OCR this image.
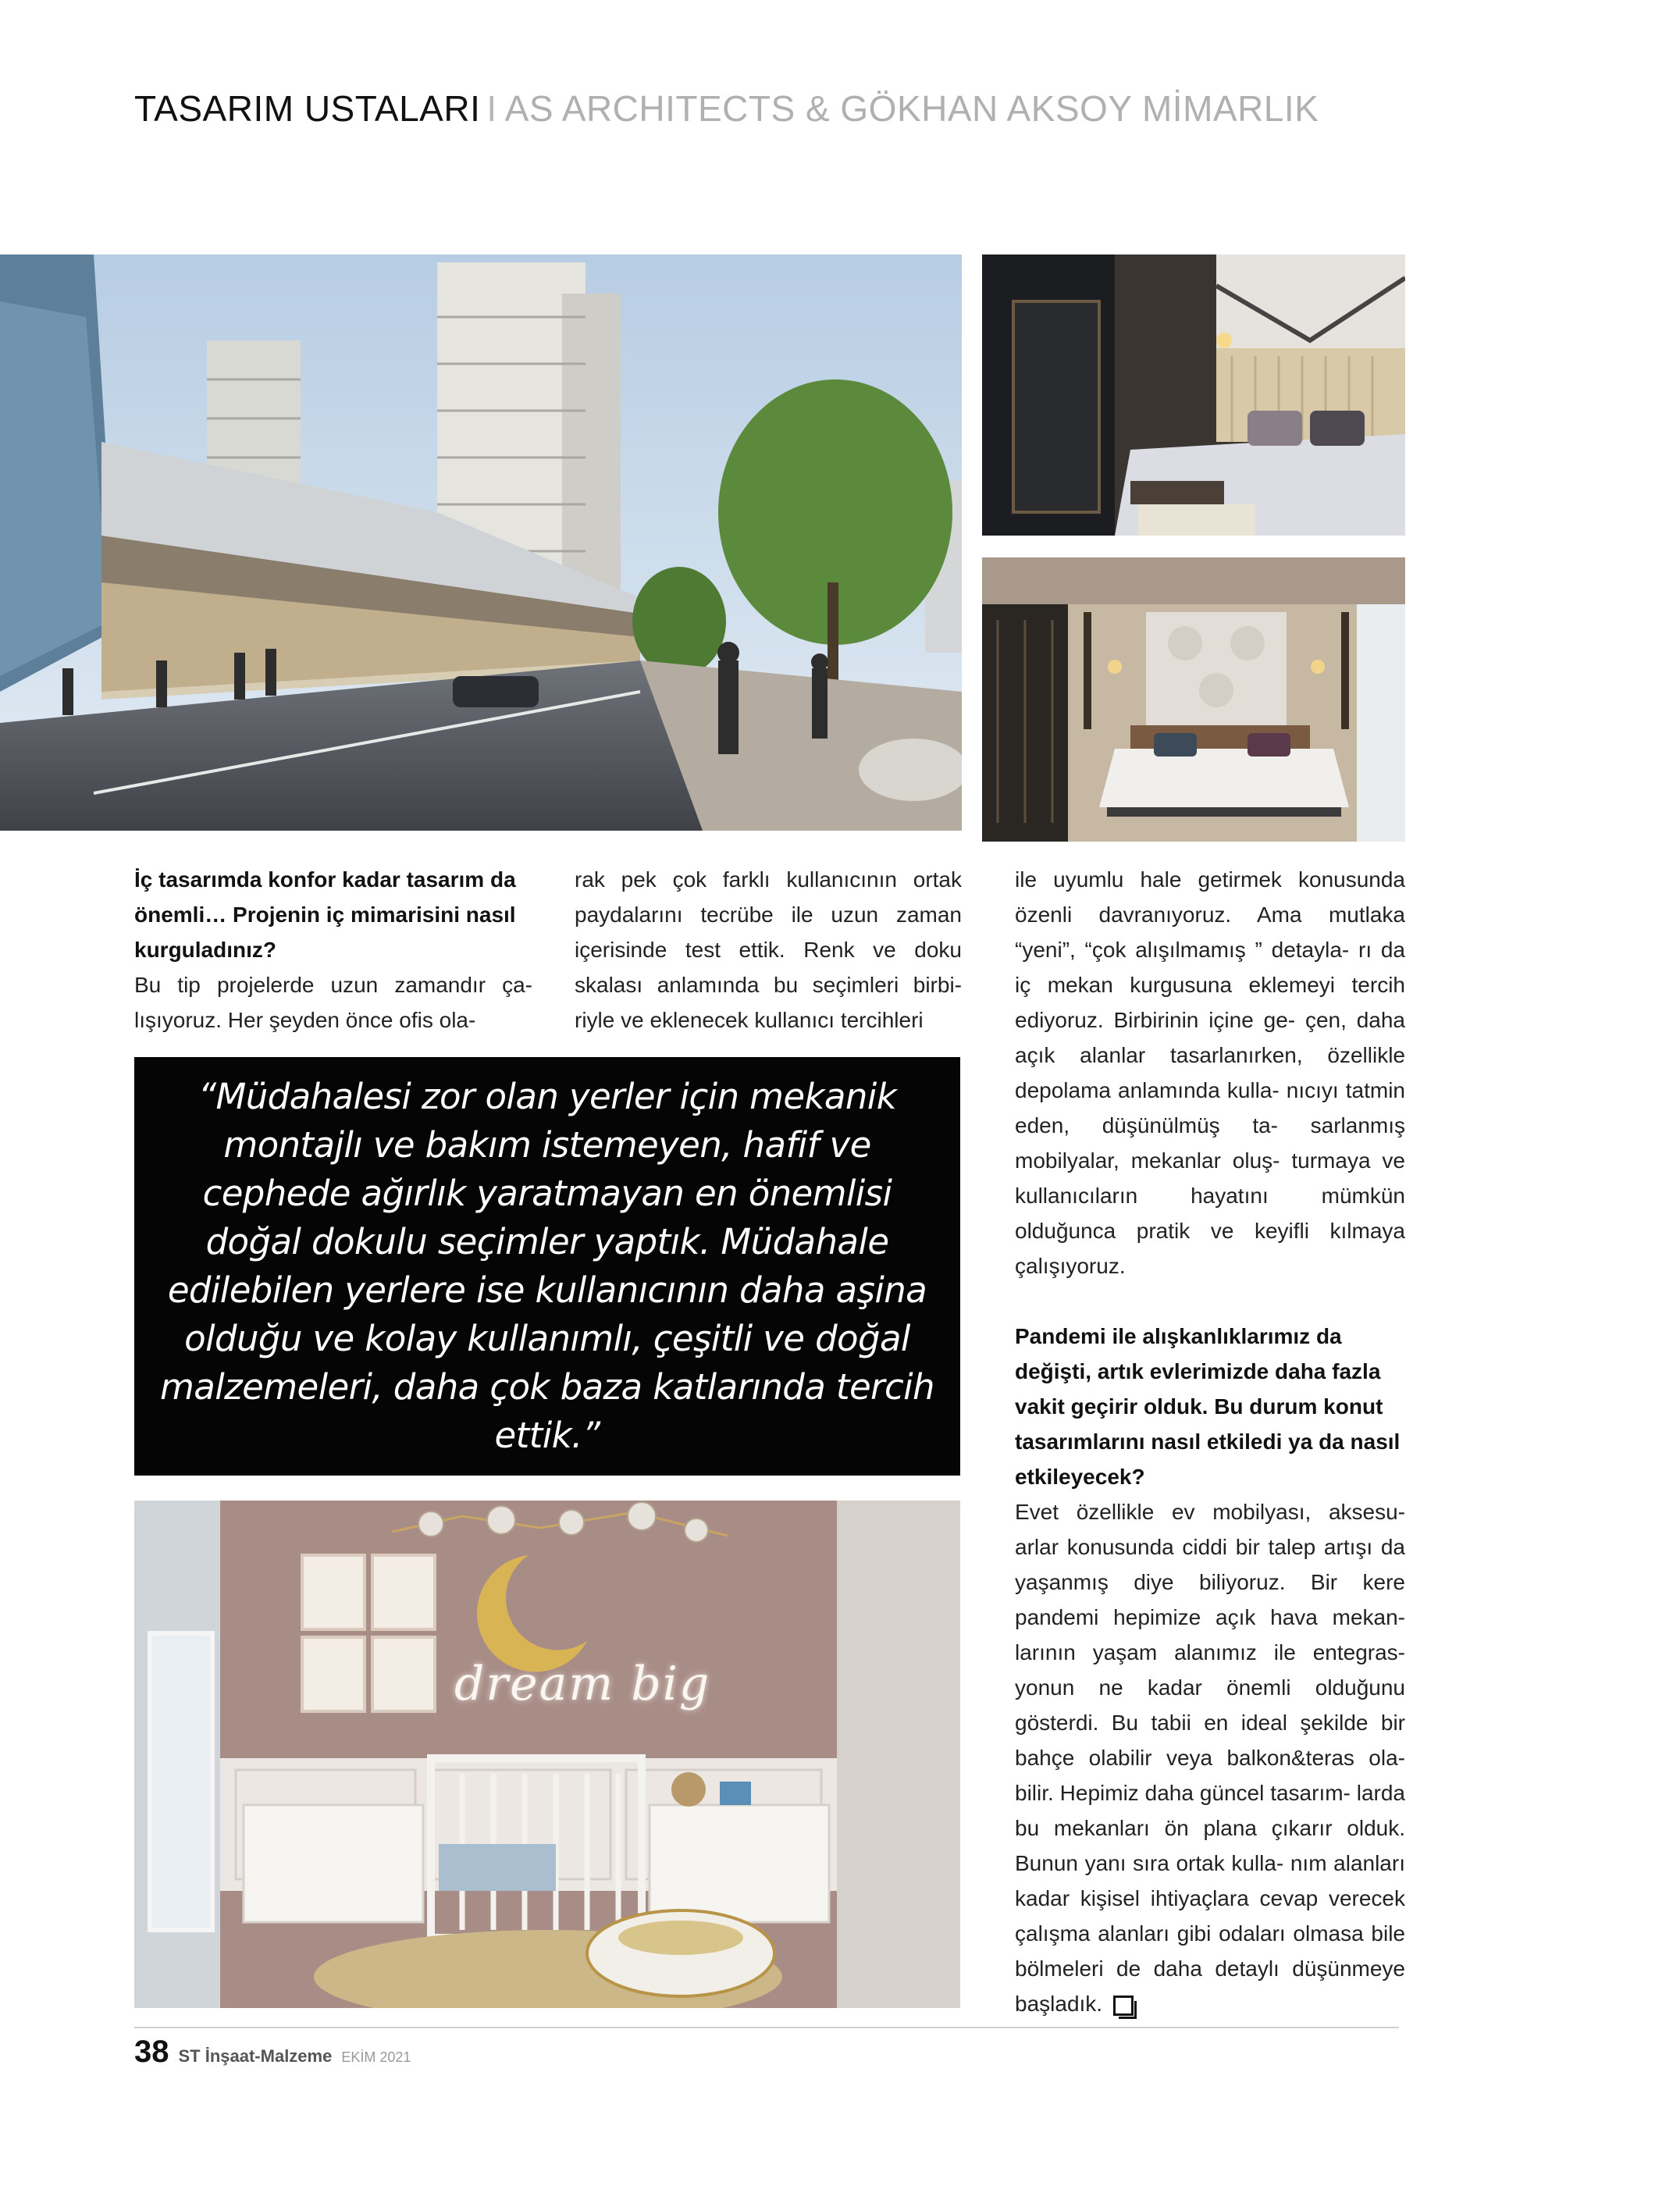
TASARIM USTALARI I AS ARCHITECTS & GÖKHAN AKSOY MİMARLIK

İç tasarımda konfor kadar tasarım da önemli… Projenin iç mimarisini nasıl kurguladınız?

Bu tip projelerde uzun zamandır ça- lışıyoruz. Her şeyden önce ofis ola-

rak pek çok farklı kullanıcının ortak paydalarını tecrübe ile uzun zaman içerisinde test ettik. Renk ve doku skalası anlamında bu seçimleri birbi- riyle ve eklenecek kullanıcı tercihleri

ile uyumlu hale getirmek konusunda özenli davranıyoruz. Ama mutlaka “yeni”, “çok alışılmamış ” detayla- rı da iç mekan kurgusuna eklemeyi tercih ediyoruz. Birbirinin içine ge- çen, daha açık alanlar tasarlanırken, özellikle depolama anlamında kulla- nıcıyı tatmin eden, düşünülmüş ta- sarlanmış mobilyalar, mekanlar oluş- turmaya ve kullanıcıların hayatını mümkün olduğunca pratik ve keyifli kılmaya çalışıyoruz.

Pandemi ile alışkanlıklarımız da değişti, artık evlerimizde daha fazla vakit geçirir olduk. Bu durum konut tasarımlarını nasıl etkiledi ya da nasıl etkileyecek?

Evet özellikle ev mobilyası, aksesu- arlar konusunda ciddi bir talep artışı da yaşanmış diye biliyoruz. Bir kere pandemi hepimize açık hava mekan- larının yaşam alanımız ile entegras- yonun ne kadar önemli olduğunu gösterdi. Bu tabii en ideal şekilde bir bahçe olabilir veya balkon&teras ola- bilir. Hepimiz daha güncel tasarım- larda bu mekanları ön plana çıkarır olduk. Bunun yanı sıra ortak kulla- nım alanları kadar kişisel ihtiyaçlara cevap verecek çalışma alanları gibi odaları olmasa bile bölmeleri de daha detaylı düşünmeye başladık.

“Müdahalesi zor olan yerler için mekanik montajlı ve bakım istemeyen, hafif ve cephede ağırlık yaratmayan en önemlisi doğal dokulu seçimler yaptık. Müdahale edilebilen yerlere ise kullanıcının daha aşina olduğu ve kolay kullanımlı, çeşitli ve doğal malzemeleri, daha çok baza katlarında tercih ettik.”

dream big
38 ST İnşaat-Malzeme EKİM 2021
